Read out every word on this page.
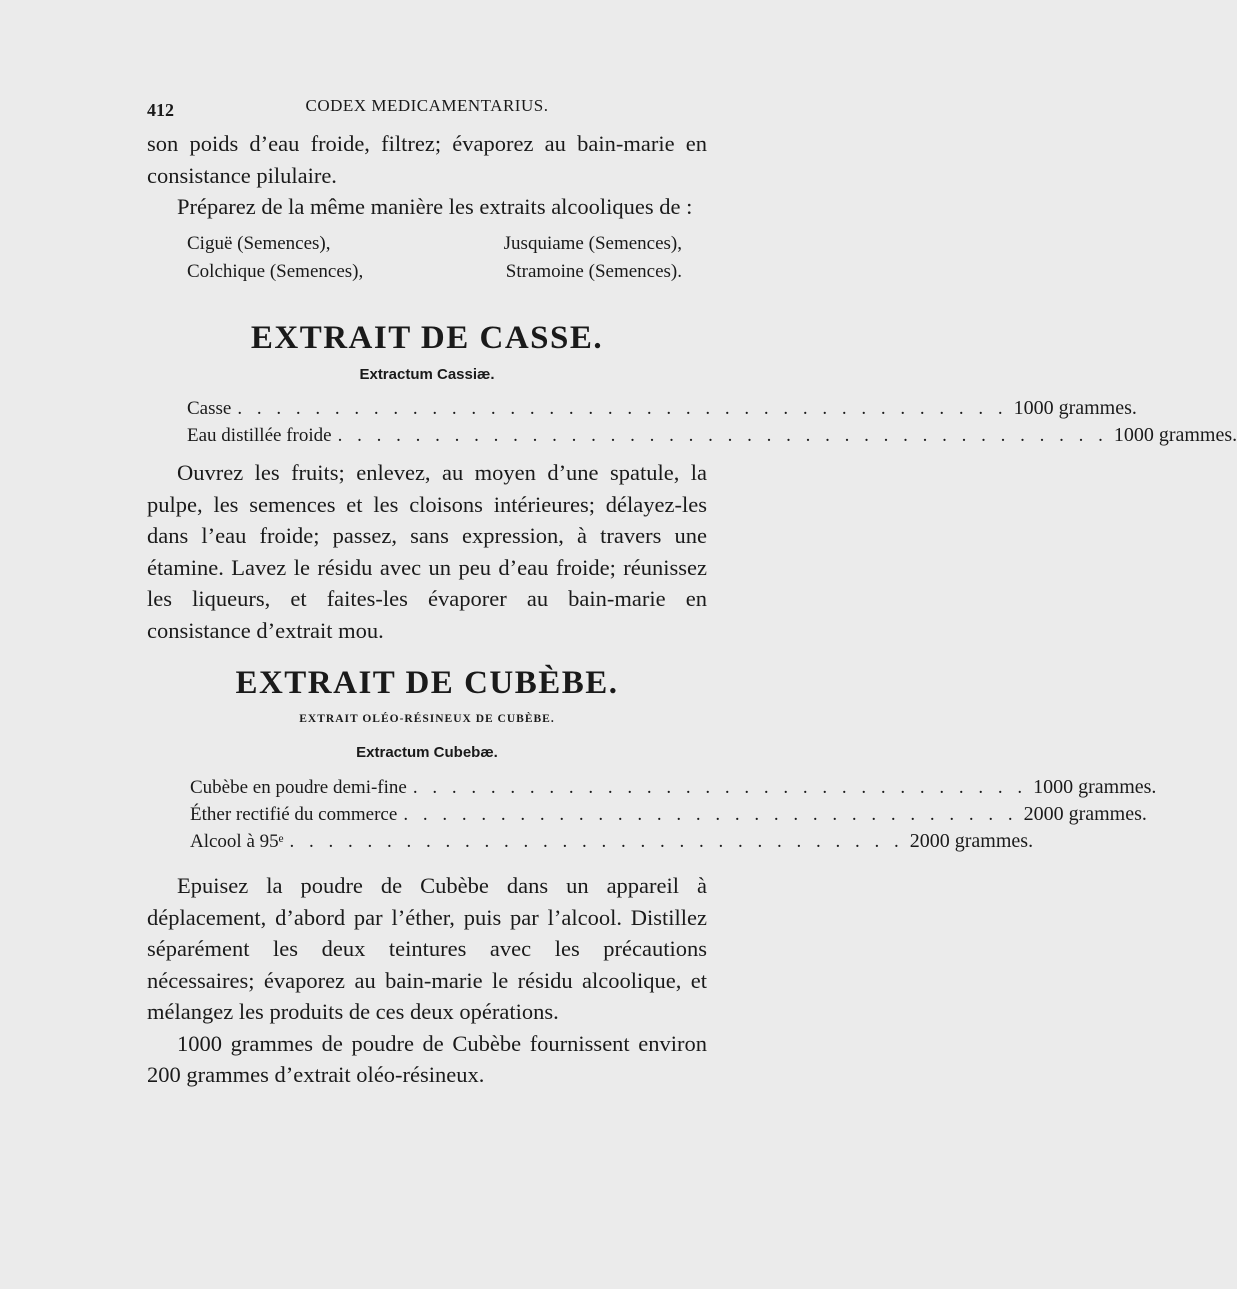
412	CODEX MEDICAMENTARIUS.

son poids d’eau froide, filtrez; évaporez au bain-marie en consistance pilulaire.

Préparez de la même manière les extraits alcooliques de :

Ciguë (Semences),	Jusquiame (Semences),
Colchique (Semences),	Stramoine (Semences).
EXTRAIT DE CASSE.
Extractum Cassiæ.
Casse . . . . . . . . . . . . . . . . . . . . . . . . . . . . . . . . . . . . . . . . 1000 grammes.
Eau distillée froide . . . . . . . . . . . . . . . . . . . . . . . . . . . . . . . . . . . . . . . . 1000 grammes.

Ouvrez les fruits; enlevez, au moyen d’une spatule, la pulpe, les semences et les cloisons intérieures; délayez-les dans l’eau froide; passez, sans expression, à travers une étamine. Lavez le résidu avec un peu d’eau froide; réunissez les liqueurs, et faites-les évaporer au bain-marie en consistance d’extrait mou.

EXTRAIT DE CUBÈBE.
EXTRAIT OLÉO-RÉSINEUX DE CUBÈBE.
Extractum Cubebæ.
Cubèbe en poudre demi-fine . . . . . . . . . . . . . . . . . . . . . . . . . . . . . . . . 1000 grammes.
Éther rectifié du commerce . . . . . . . . . . . . . . . . . . . . . . . . . . . . . . . . 2000 grammes.
Alcool à 95ᵉ . . . . . . . . . . . . . . . . . . . . . . . . . . . . . . . . 2000 grammes.

Epuisez la poudre de Cubèbe dans un appareil à déplacement, d’abord par l’éther, puis par l’alcool. Distillez séparément les deux teintures avec les précautions nécessaires; évaporez au bain-marie le résidu alcoolique, et mélangez les produits de ces deux opérations.

1000 grammes de poudre de Cubèbe fournissent environ 200 grammes d’extrait oléo-résineux.
